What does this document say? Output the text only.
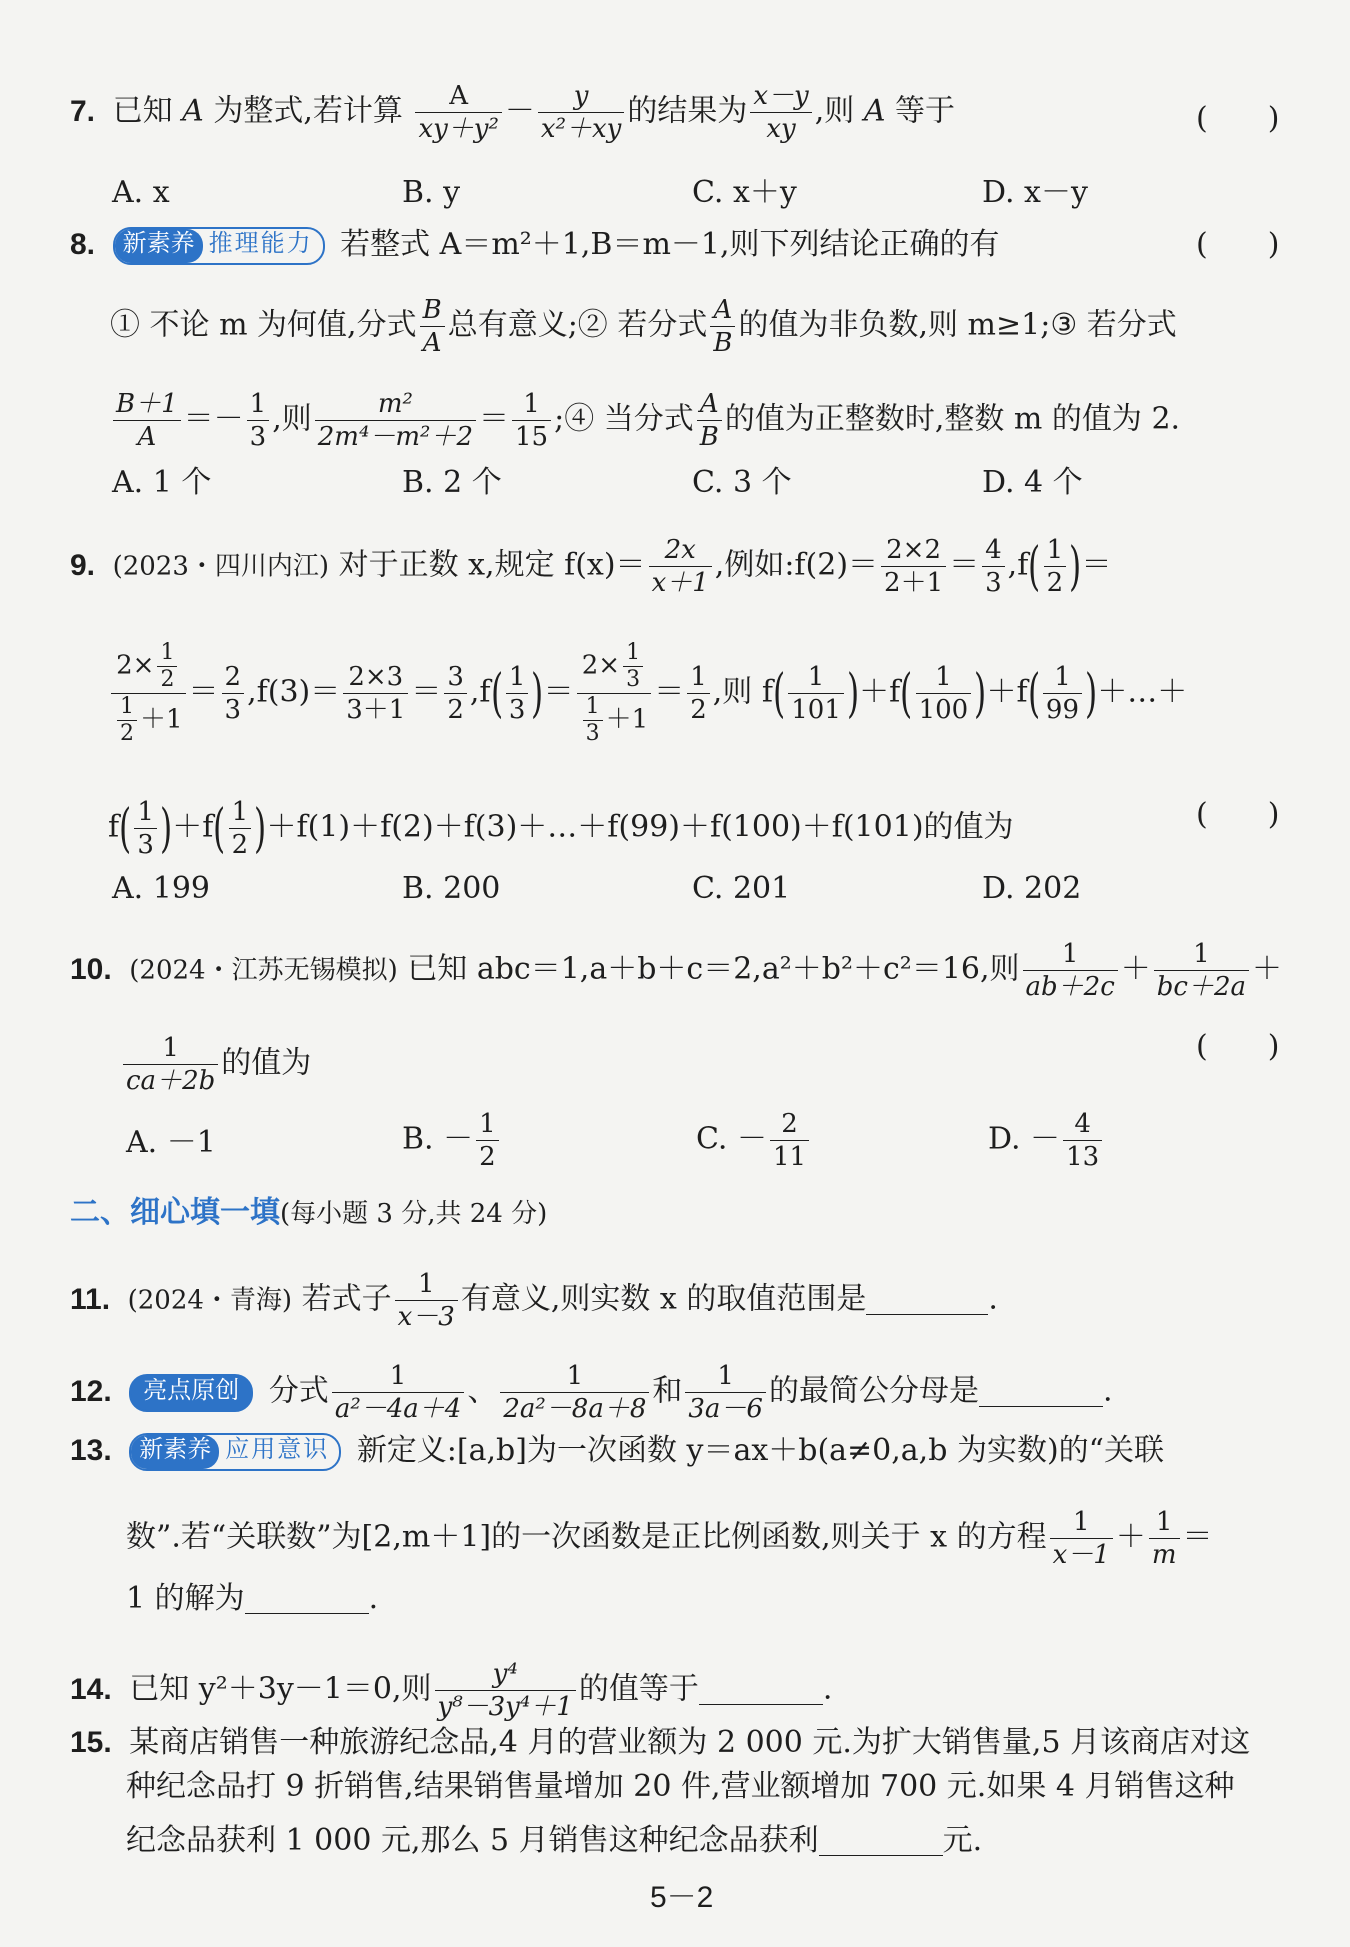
7. 已知 A 为整式,若计算 $\frac{A}{\text{xy＋y²}} - \frac{y}{\text{x²＋xy}}$ 的结果为 $\frac{x-y}{xy}$ ,则 A 等于	(　　)
A. x	B. y	C. x＋y	D. x－y
8.	新素养 推理能力 若整式 A＝m²＋1,B＝m－1,则下列结论正确的有	(　　)
① 不论 m 为何值,分式 $\frac{B}{A}$ 总有意义;② 若分式 $\frac{A}{B}$ 的值为非负数,则 m≥1;③ 若分式
$\frac{B+1}{A} =- \frac{1}{3}$ ,则 $\frac{\text{m²}}{\text{2m⁴－m²＋2}} = \frac{1}{15}$ ;④ 当分式 $\frac{A}{B}$ 的值为正整数时,整数 m 的值为 2.
A. 1 个	B. 2 个	C. 3 个	D. 4 个
9. (2023・四川内江) 对于正数 x,规定 $f(x)= \frac{2x}{x+1}$ ,例如:f(2)＝ $\frac{2\times 2}{2+1} = \frac{4}{3} ,f( \frac{1}{2}$ )＝
$\frac{2\times \frac{1}{2}}{\frac{1}{2} +1} = \frac{2}{3} ,f(3)= \frac{2\times 3}{3+1} = \frac{3}{2} ,f( \frac{1}{3}$ )＝ $\frac{2\times \frac{1}{3}}{\frac{1}{3} +1} = \frac{1}{2}$ ,则 $f( \frac{1}{101} )+f( \frac{1}{100} )+f( \frac{1}{99}$ )＋…＋
$f( \frac{1}{3} )+f( \frac{1}{2}$ )＋f(1)＋f(2)＋f(3)＋…＋f(99)＋f(100)＋f(101)的值为	(　　)
A. 199	B. 200	C. 201	D. 202
10. (2024・江苏无锡模拟) 已知 abc＝1,a＋b＋c＝2,a²＋b²＋c²＝16,则 $\frac{1}{ab+2c} + \frac{1}{bc+2a}$ ＋
$\frac{1}{ca+2b}$ 的值为	(　　)
A. －1	B. － $\frac{1}{2}$	C. － $\frac{2}{11}$	D. － $\frac{4}{13}$
二、细心填一填(每小题 3 分,共 24 分)
11. (2024・青海) 若式子 $\frac{1}{x-3}$ 有意义,则实数 x 的取值范围是	.
12. 亮点原创 分式 $\frac{1}{\text{a²－4a＋4}}$ 、 $\frac{1}{\text{2a²－8a＋8}}$ 和 $\frac{1}{3a-6}$ 的最简公分母是	.
13.	新素养 应用意识 新定义:[a,b]为一次函数 y＝ax＋b(a≠0,a,b 为实数)的“关联
数”.若“关联数”为[2,m＋1]的一次函数是正比例函数,则关于 x 的方程 $\frac{1}{x-1} + \frac{1}{m}$ ＝
1 的解为	.
14. 已知 y²＋3y－1＝0,则 $\frac{\text{y⁴}}{\text{y⁸－3y⁴＋1}}$ 的值等于	.
15. 某商店销售一种旅游纪念品,4 月的营业额为 2 000 元.为扩大销售量,5 月该商店对这
种纪念品打 9 折销售,结果销售量增加 20 件,营业额增加 700 元.如果 4 月销售这种
纪念品获利 1 000 元,那么 5 月销售这种纪念品获利	元.
5－2
